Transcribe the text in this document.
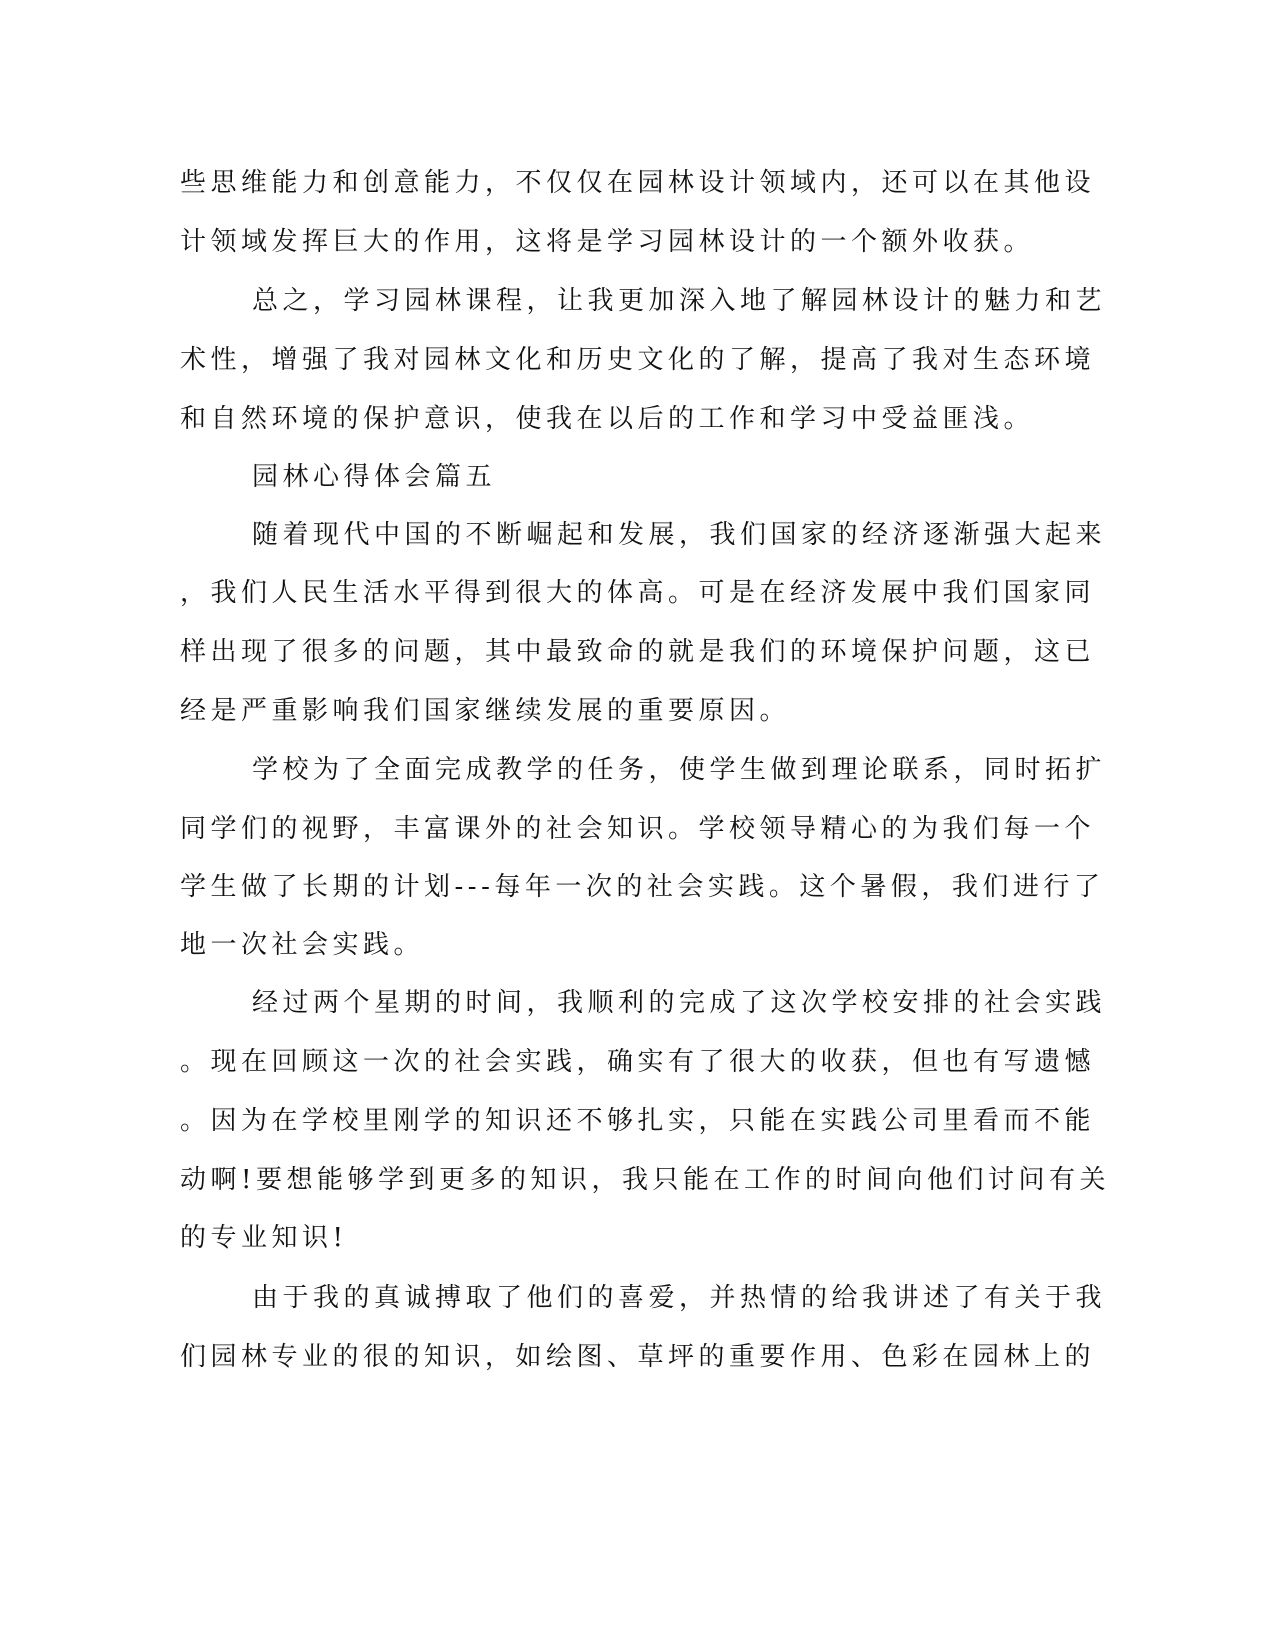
些思维能力和创意能力，不仅仅在园林设计领域内，还可以在其他设
计领域发挥巨大的作用，这将是学习园林设计的一个额外收获。
总之，学习园林课程，让我更加深入地了解园林设计的魅力和艺
术性，增强了我对园林文化和历史文化的了解，提高了我对生态环境
和自然环境的保护意识，使我在以后的工作和学习中受益匪浅。
园林心得体会篇五
随着现代中国的不断崛起和发展，我们国家的经济逐渐强大起来
，我们人民生活水平得到很大的体高。可是在经济发展中我们国家同
样出现了很多的问题，其中最致命的就是我们的环境保护问题，这已
经是严重影响我们国家继续发展的重要原因。
学校为了全面完成教学的任务，使学生做到理论联系，同时拓扩
同学们的视野，丰富课外的社会知识。学校领导精心的为我们每一个
学生做了长期的计划---每年一次的社会实践。这个暑假，我们进行了
地一次社会实践。
经过两个星期的时间，我顺利的完成了这次学校安排的社会实践
。现在回顾这一次的社会实践，确实有了很大的收获，但也有写遗憾
。因为在学校里刚学的知识还不够扎实，只能在实践公司里看而不能
动啊!要想能够学到更多的知识，我只能在工作的时间向他们讨问有关
的专业知识!
由于我的真诚搏取了他们的喜爱，并热情的给我讲述了有关于我
们园林专业的很的知识，如绘图、草坪的重要作用、色彩在园林上的
